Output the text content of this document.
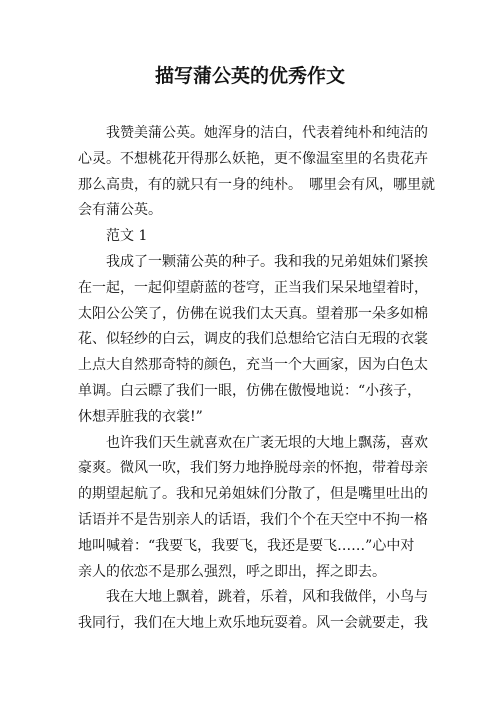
描写蒲公英的优秀作文
我赞美蒲公英。她浑身的洁白，代表着纯朴和纯洁的
心灵。不想桃花开得那么妖艳，更不像温室里的名贵花卉
那么高贵，有的就只有一身的纯朴。　哪里会有风，哪里就
会有蒲公英。
范文 1
我成了一颗蒲公英的种子。我和我的兄弟姐妹们紧挨
在一起，一起仰望蔚蓝的苍穹，正当我们呆呆地望着时，
太阳公公笑了，仿佛在说我们太天真。望着那一朵多如棉
花、似轻纱的白云，调皮的我们总想给它洁白无瑕的衣裳
上点大自然那奇特的颜色，充当一个大画家，因为白色太
单调。白云瞟了我们一眼，仿佛在傲慢地说：“小孩子，
休想弄脏我的衣裳!”
也许我们天生就喜欢在广袤无垠的大地上飘荡，喜欢
豪爽。微风一吹，我们努力地挣脱母亲的怀抱，带着母亲
的期望起航了。我和兄弟姐妹们分散了，但是嘴里吐出的
话语并不是告别亲人的话语，我们个个在天空中不拘一格
地叫喊着：“我要飞，我要飞，我还是要飞……”心中对
亲人的依恋不是那么强烈，呼之即出，挥之即去。
我在大地上飘着，跳着，乐着，风和我做伴，小鸟与
我同行，我们在大地上欢乐地玩耍着。风一会就要走，我
